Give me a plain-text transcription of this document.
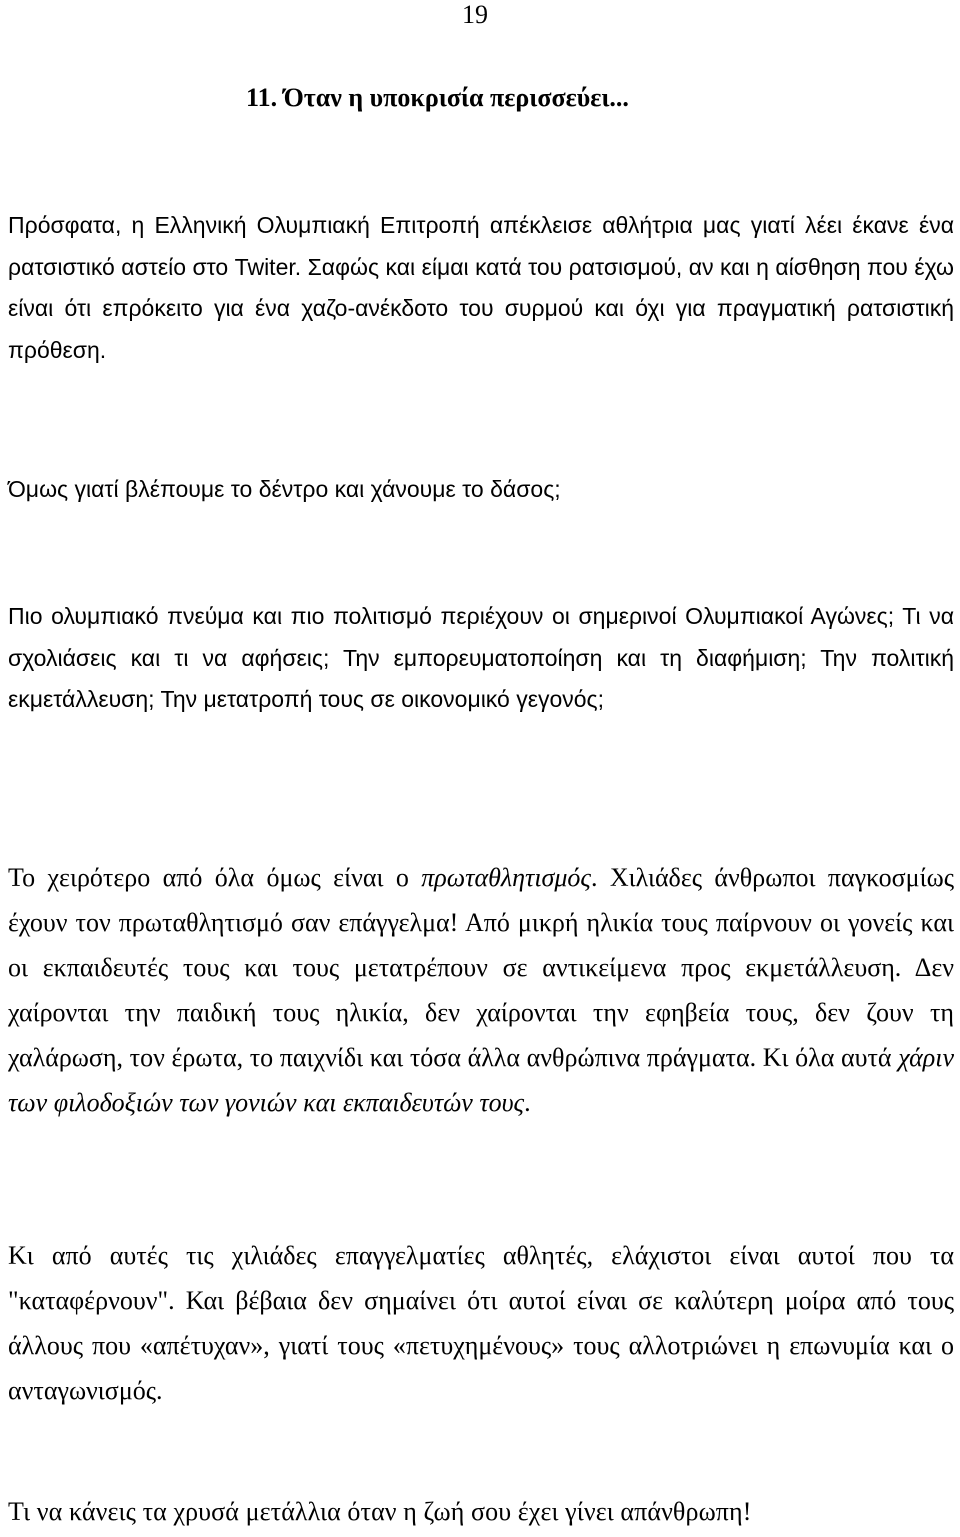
19
11. Όταν η υποκρισία περισσεύει...

Πρόσφατα, η Ελληνική Ολυμπιακή Επιτροπή απέκλεισε αθλήτρια μας γιατί λέει έκανε ένα ρατσιστικό αστείο στο Twiter. Σαφώς και είμαι κατά του ρατσισμού, αν και η αίσθηση που έχω είναι ότι επρόκειτο για ένα χαζο-ανέκδοτο του συρμού και όχι για πραγματική ρατσιστική πρόθεση.

Όμως γιατί βλέπουμε το δέντρο και χάνουμε το δάσος;

Πιο ολυμπιακό πνεύμα και πιο πολιτισμό περιέχουν οι σημερινοί Ολυμπιακοί Αγώνες; Τι να σχολιάσεις και τι να αφήσεις; Την εμπορευματοποίηση και τη διαφήμιση; Την πολιτική εκμετάλλευση; Την μετατροπή τους σε οικονομικό γεγονός;

Το χειρότερο από όλα όμως είναι ο πρωταθλητισμός. Χιλιάδες άνθρωποι παγκοσμίως έχουν τον πρωταθλητισμό σαν επάγγελμα! Από μικρή ηλικία τους παίρνουν οι γονείς και οι εκπαιδευτές τους και τους μετατρέπουν σε αντικείμενα προς εκμετάλλευση. Δεν χαίρονται την παιδική τους ηλικία, δεν χαίρονται την εφηβεία τους, δεν ζουν τη χαλάρωση, τον έρωτα, το παιχνίδι και τόσα άλλα ανθρώπινα πράγματα. Κι όλα αυτά χάριν των φιλοδοξιών των γονιών και εκπαιδευτών τους.

Κι από αυτές τις χιλιάδες επαγγελματίες αθλητές, ελάχιστοι είναι αυτοί που τα "καταφέρνουν". Και βέβαια δεν σημαίνει ότι αυτοί είναι σε καλύτερη μοίρα από τους άλλους που «απέτυχαν», γιατί τους «πετυχημένους» τους αλλοτριώνει η επωνυμία και ο ανταγωνισμός.

Τι να κάνεις τα χρυσά μετάλλια όταν η ζωή σου έχει γίνει απάνθρωπη!
